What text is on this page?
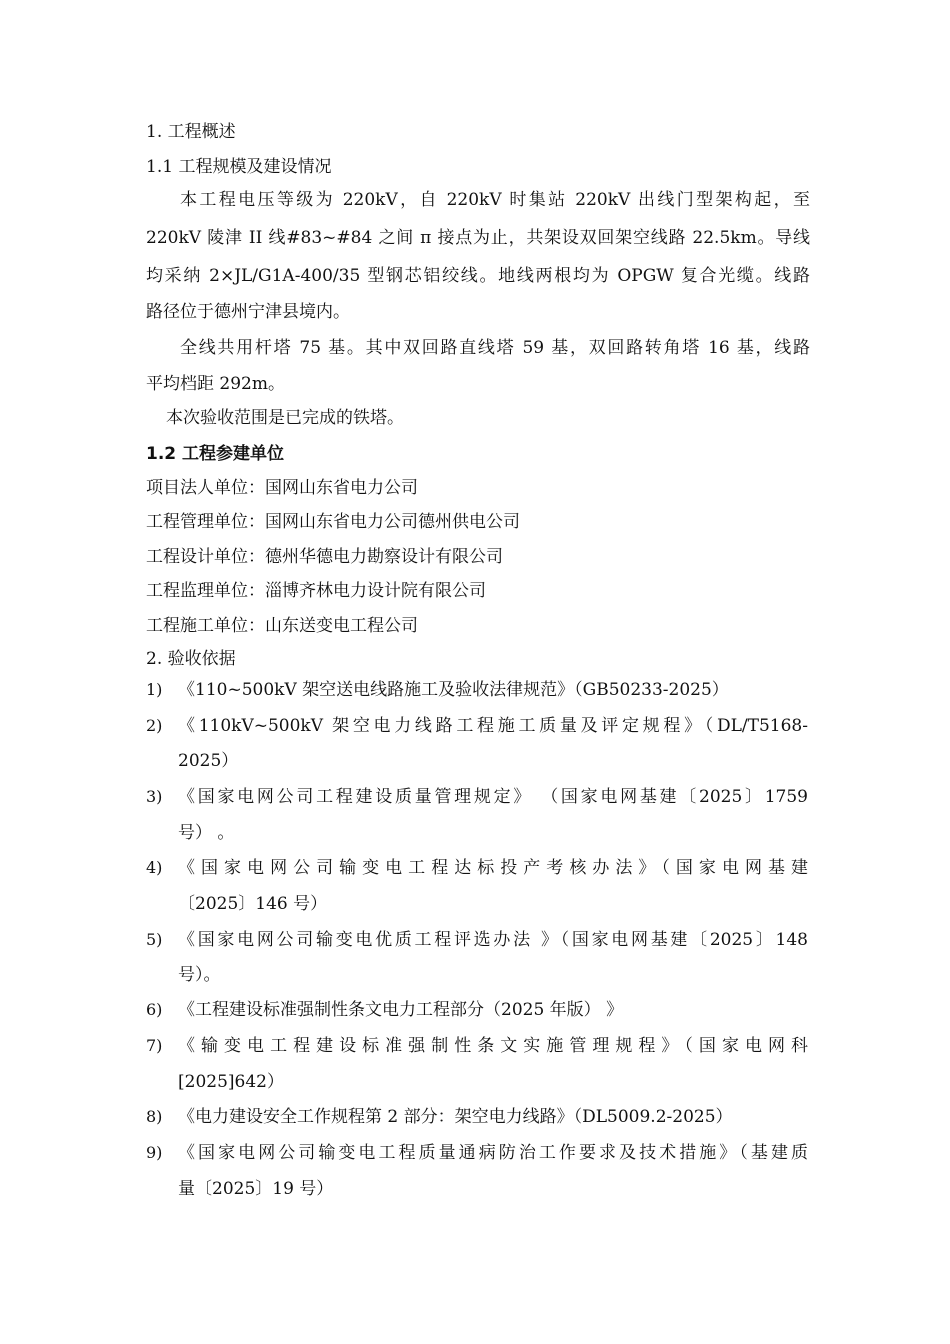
1. 工程概述
1.1 工程规模及建设情况
本工程电压等级为 220kV，自 220kV 时集站 220kV 出线门型架构起，至
220kV 陵津 II 线#83~#84 之间 π 接点为止，共架设双回架空线路 22.5km。导线
均采纳 2×JL/G1A-400/35 型钢芯铝绞线。地线两根均为 OPGW 复合光缆。线路
路径位于德州宁津县境内。
全线共用杆塔 75 基。其中双回路直线塔 59 基，双回路转角塔 16 基，线路
平均档距 292m。
本次验收范围是已完成的铁塔。
1.2 工程参建单位
项目法人单位：国网山东省电力公司
工程管理单位：国网山东省电力公司德州供电公司
工程设计单位：德州华德电力勘察设计有限公司
工程监理单位：淄博齐林电力设计院有限公司
工程施工单位：山东送变电工程公司
2. 验收依据
1) 《110~500kV 架空送电线路施工及验收法律规范》（GB50233-2025）
2) 《110kV~500kV 架空电力线路工程施工质量及评定规程》（DL/T5168-
2025）
3) 《国家电网公司工程建设质量管理规定》 （国家电网基建〔2025〕1759
号） 。
4) 《国家电网公司输变电工程达标投产考核办法》（国家电网基建
〔2025〕146 号）
5) 《国家电网公司输变电优质工程评选办法 》（国家电网基建〔2025〕148
号）。
6) 《工程建设标准强制性条文电力工程部分（2025 年版） 》
7) 《输变电工程建设标准强制性条文实施管理规程》（国家电网科
[2025]642）
8) 《电力建设安全工作规程第 2 部分：架空电力线路》（DL5009.2-2025）
9) 《国家电网公司输变电工程质量通病防治工作要求及技术措施》（基建质
量〔2025〕19 号）
